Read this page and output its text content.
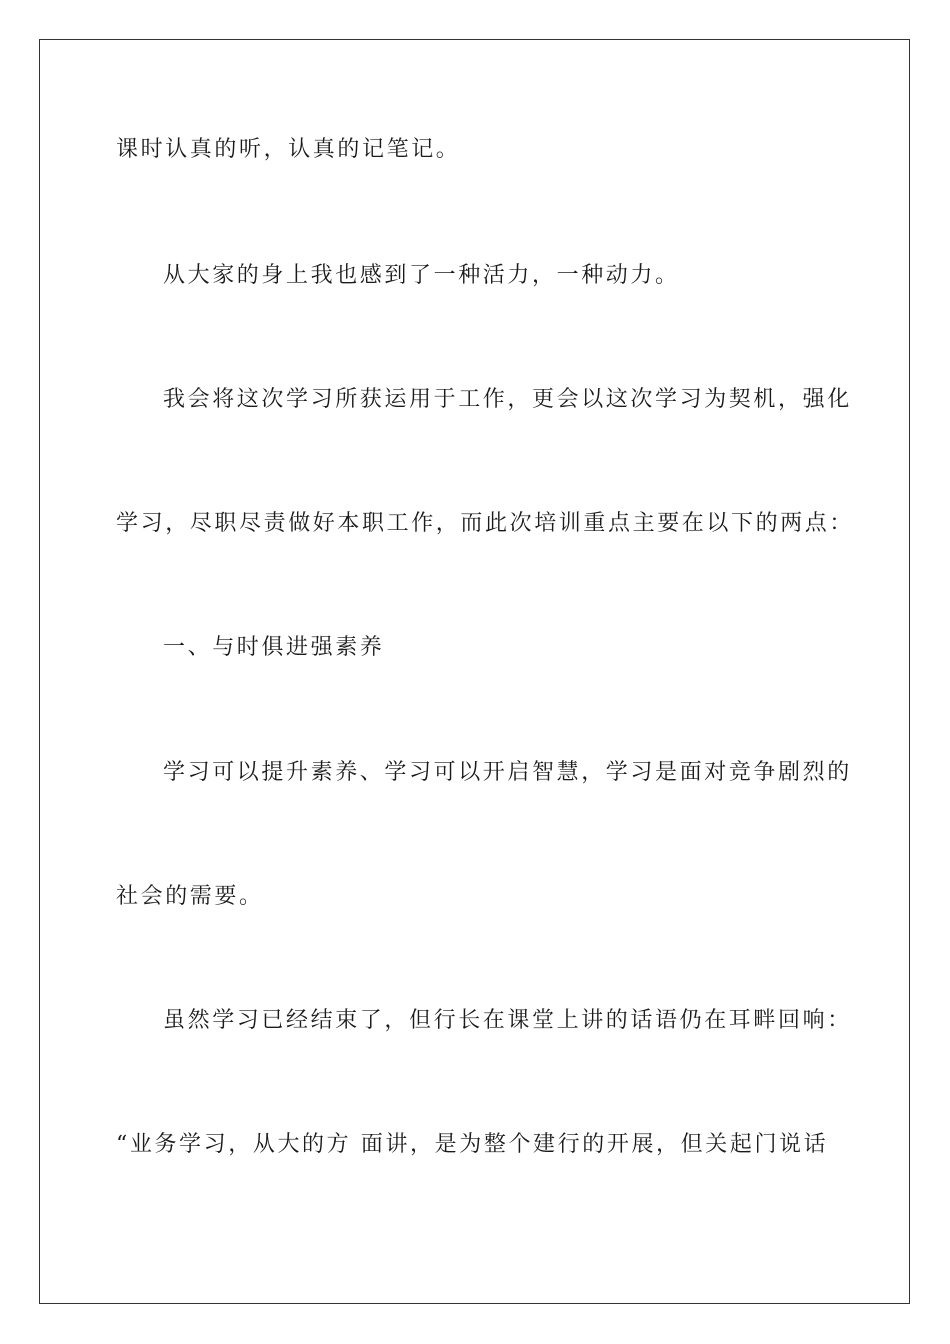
课时认真的听，认真的记笔记。

从大家的身上我也感到了一种活力，一种动力。

我会将这次学习所获运用于工作，更会以这次学习为契机，强化

学习，尽职尽责做好本职工作，而此次培训重点主要在以下的两点：

一、与时俱进强素养

学习可以提升素养、学习可以开启智慧，学习是面对竞争剧烈的

社会的需要。

虽然学习已经结束了，但行长在课堂上讲的话语仍在耳畔回响：

“业务学习，从大的方 面讲，是为整个建行的开展，但关起门说话
